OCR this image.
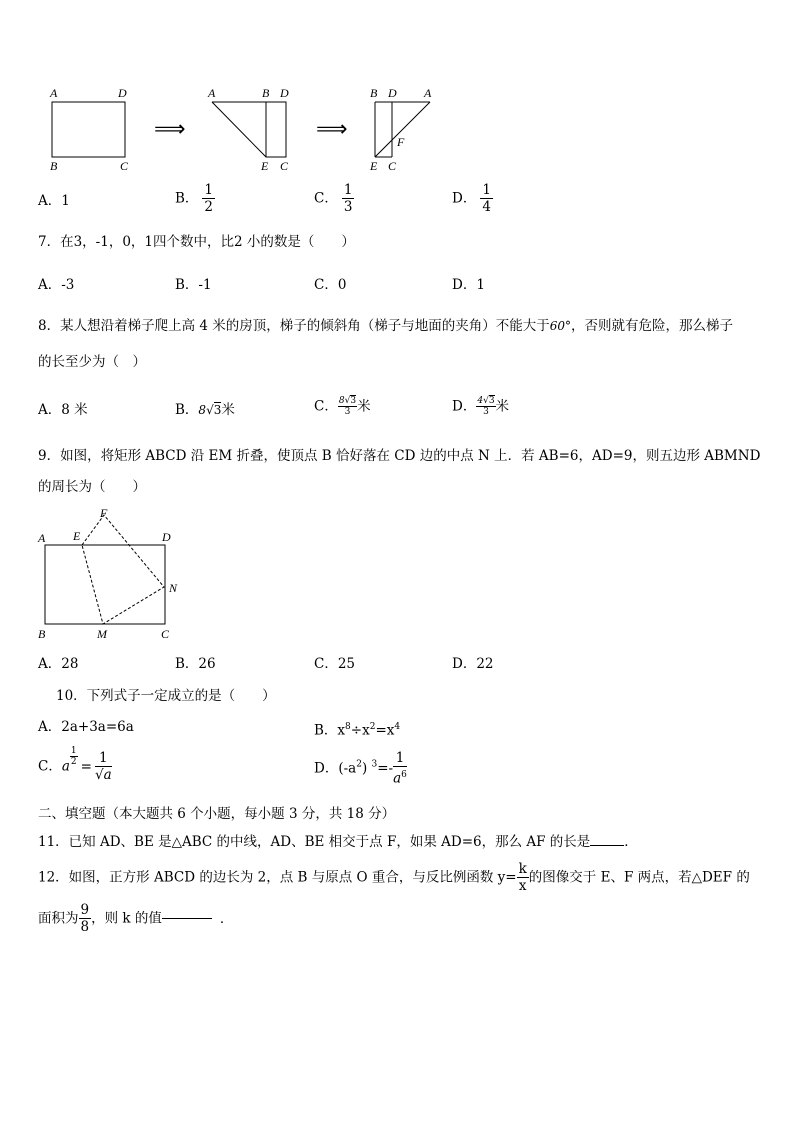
A	D
B	C
⟹
A	B D
E C
⟹
B D A
F
E C
A．1	B． $\frac{1}{2}$	C． $\frac{1}{3}$	D． $\frac{1}{4}$
7．在3，-1，0，1四个数中，比2 小的数是（　　）
A．-3	B．-1	C．0	D．1
8．某人想沿着梯子爬上高 4 米的房顶，梯子的倾斜角（梯子与地面的夹角）不能大于60°，否则就有危险，那么梯子
的长至少为（　）
A．8 米	B．8√3米	C． $\frac{8√3}{3}$ 米	D． $\frac{4√3}{3}$ 米
9．如图，将矩形 ABCD 沿 EM 折叠，使顶点 B 恰好落在 CD 边的中点 N 上．若 AB=6，AD=9，则五边形 ABMND
的周长为（　　）
F
A E	D
N
B	M	C
A．28	B．26	C．25	D．22
10．下列式子一定成立的是（　　）
A．2a+3a=6a	B．$x^8\div x^2=x^4$
C．a $\frac{1}{2} = \frac{1}{√a}$	D．$(-a^2)$ $^3=- \frac{1}{a^6}$
二、填空题（本大题共 6 个小题，每小题 3 分，共 18 分）
11．已知 AD、BE 是△ABC 的中线，AD、BE 相交于点 F，如果 AD=6，那么 AF 的长是	．
12．如图，正方形 ABCD 的边长为 2，点 B 与原点 O 重合，与反比例函数 $y= \frac{k}{x}$ 的图像交于 E、F 两点，若△DEF 的
面积为 $\frac{9}{8}$ ，则 k 的值	．
